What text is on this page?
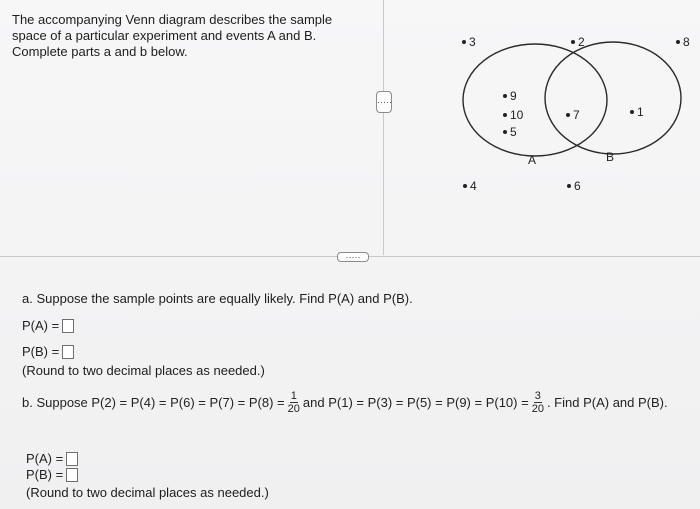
The accompanying Venn diagram describes the sample
space of a particular experiment and events A and B.
Complete parts a and b below.
·····
3	2	8
4	6
9
10
5
7	1
A	B
·····
a. Suppose the sample points are equally likely. Find P(A) and P(B).
P(A) =
P(B) =
(Round to two decimal places as needed.)
b. Suppose $P(2) = P(4) = P(6) = P(7) = P(8) = \frac{1}{20}$ and $P(1) = P(3) = P(5) = P(9) = P(10) = \frac{3}{20}$ . Find P(A) and P(B).
P(A) =
P(B) =
(Round to two decimal places as needed.)
